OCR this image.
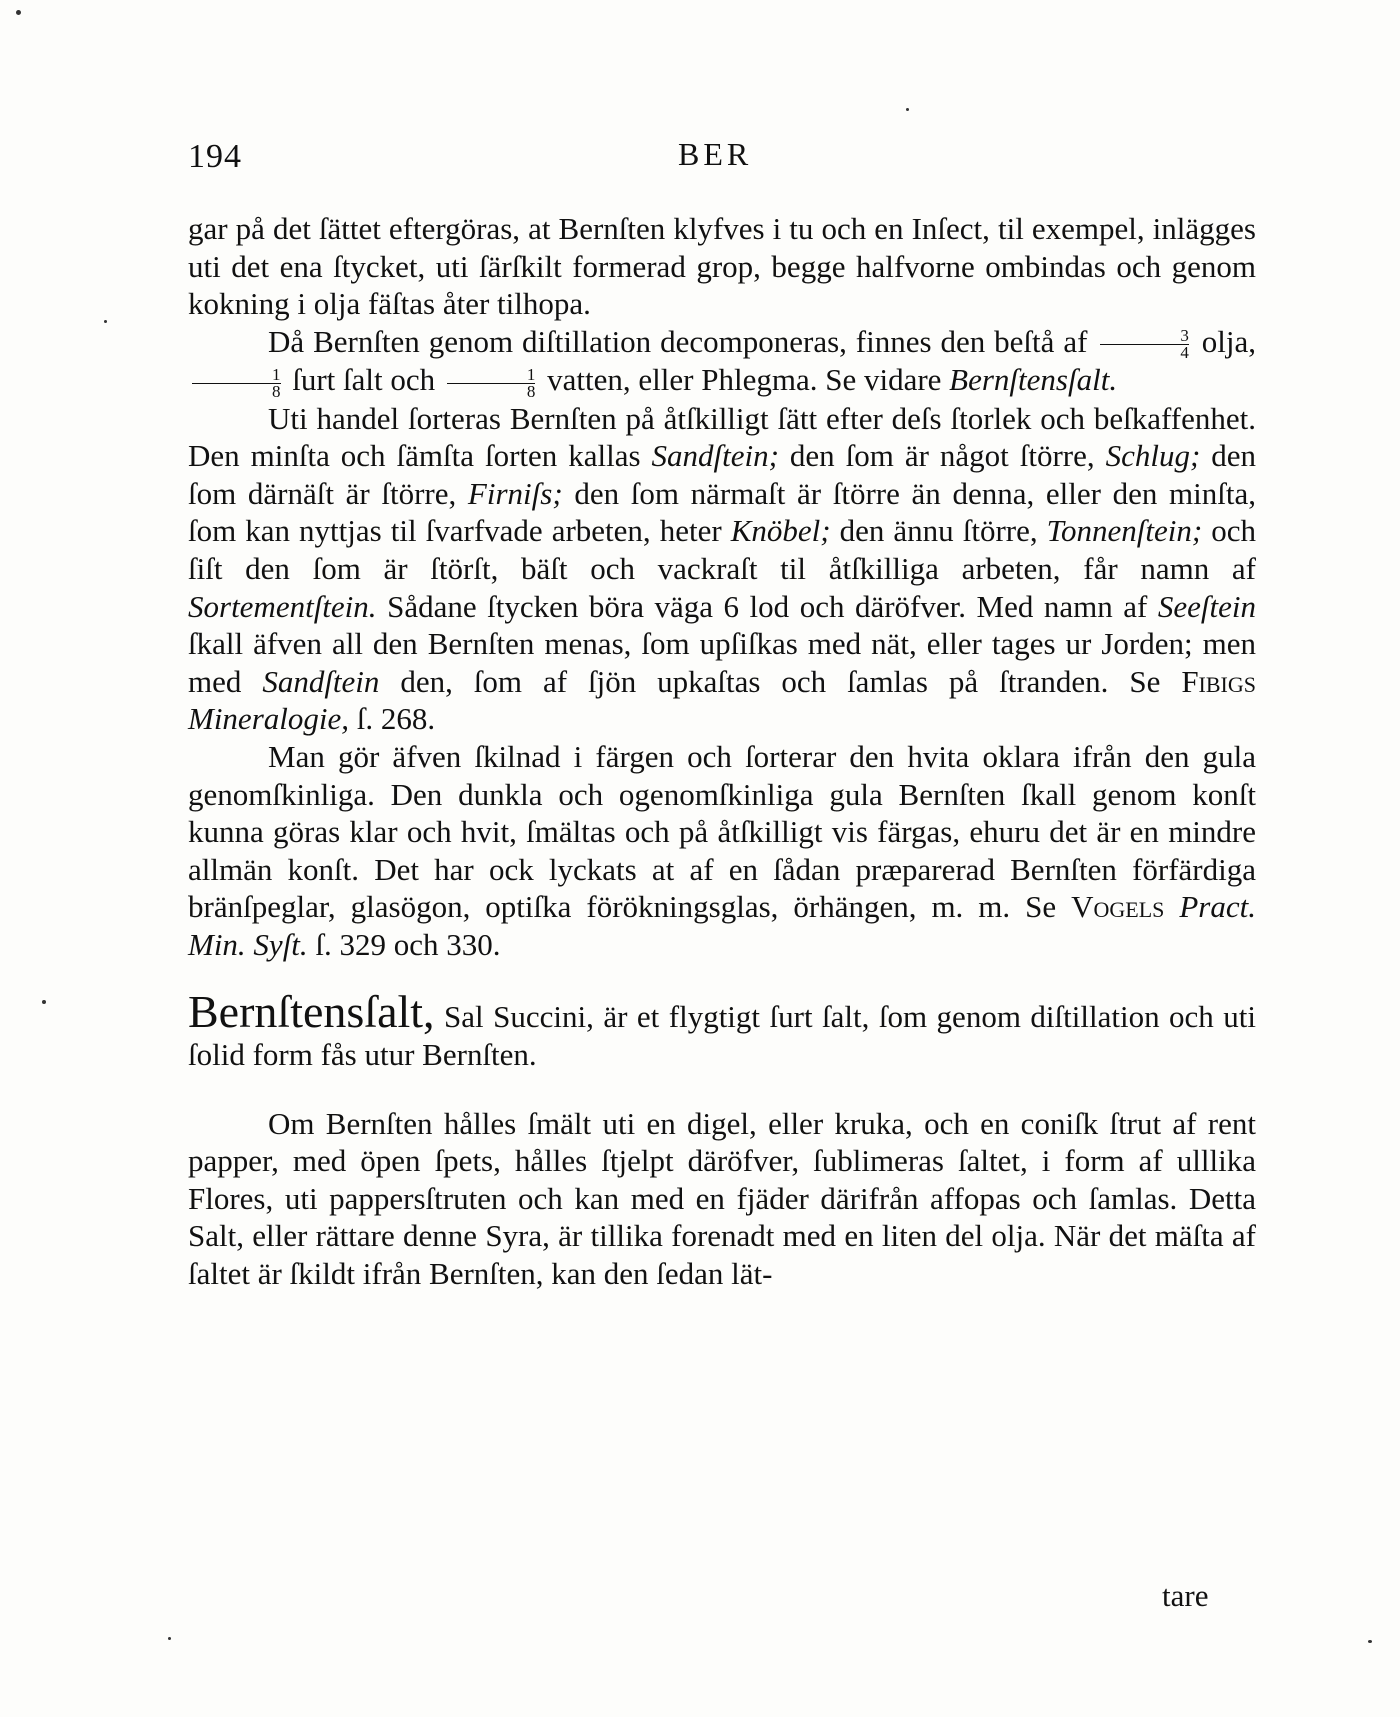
194	BER

gar på det ſättet eftergöras, at Bernſten klyfves i tu och en Inſect, til exempel, inlägges uti det ena ſtycket, uti ſärſkilt formerad grop, begge halfvorne ombindas och genom kokning i olja fäſtas åter tilhopa.

Då Bernſten genom diſtillation decomponeras, finnes den beſtå af $\frac{3}{4}$ olja,
$\frac{1}{8}$ ſurt ſalt och $\frac{1}{8}$ vatten, eller Phlegma. Se vidare Bernſtensſalt.

Uti handel ſorteras Bernſten på åtſkilligt ſätt efter deſs ſtorlek och beſkaffenhet. Den minſta och ſämſta ſorten kallas Sandſtein; den ſom är något ſtörre, Schlug; den ſom därnäſt är ſtörre, Firniſs; den ſom närmaſt är ſtörre än denna, eller den minſta, ſom kan nyttjas til ſvarfvade arbeten, heter Knöbel; den ännu ſtörre, Tonnenſtein; och ſiſt den ſom är ſtörſt, bäſt och vackraſt til åtſkilliga arbeten, får namn af Sortementſtein. Sådane ſtycken böra väga 6 lod och däröfver. Med namn af Seeſtein ſkall äfven all den Bernſten menas, ſom upſiſkas med nät, eller tages ur Jorden; men med Sandſtein den, ſom af ſjön upkaſtas och ſamlas på ſtranden. Se Fibigs Mineralogie, ſ. 268.

Man gör äfven ſkilnad i färgen och ſorterar den hvita oklara ifrån den gula genomſkinliga. Den dunkla och ogenomſkinliga gula Bernſten ſkall genom konſt kunna göras klar och hvit, ſmältas och på åtſkilligt vis färgas, ehuru det är en mindre allmän konſt. Det har ock lyckats at af en ſådan præparerad Bernſten förfärdiga bränſpeglar, glasögon, optiſka förökningsglas, örhängen, m. m. Se Vogels Pract. Min. Syſt. ſ. 329 och 330.

Bernſtensſalt, Sal Succini, är et flygtigt ſurt ſalt, ſom genom diſtillation och uti ſolid form fås utur Bernſten.

Om Bernſten hålles ſmält uti en digel, eller kruka, och en coniſk ſtrut af rent papper, med öpen ſpets, hålles ſtjelpt däröfver, ſublimeras ſaltet, i form af ulllika Flores, uti pappersſtruten och kan med en fjäder därifrån affopas och ſamlas. Detta Salt, eller rättare denne Syra, är tillika forenadt med en liten del olja. När det mäſta af ſaltet är ſkildt ifrån Bernſten, kan den ſedan lät-

tare
